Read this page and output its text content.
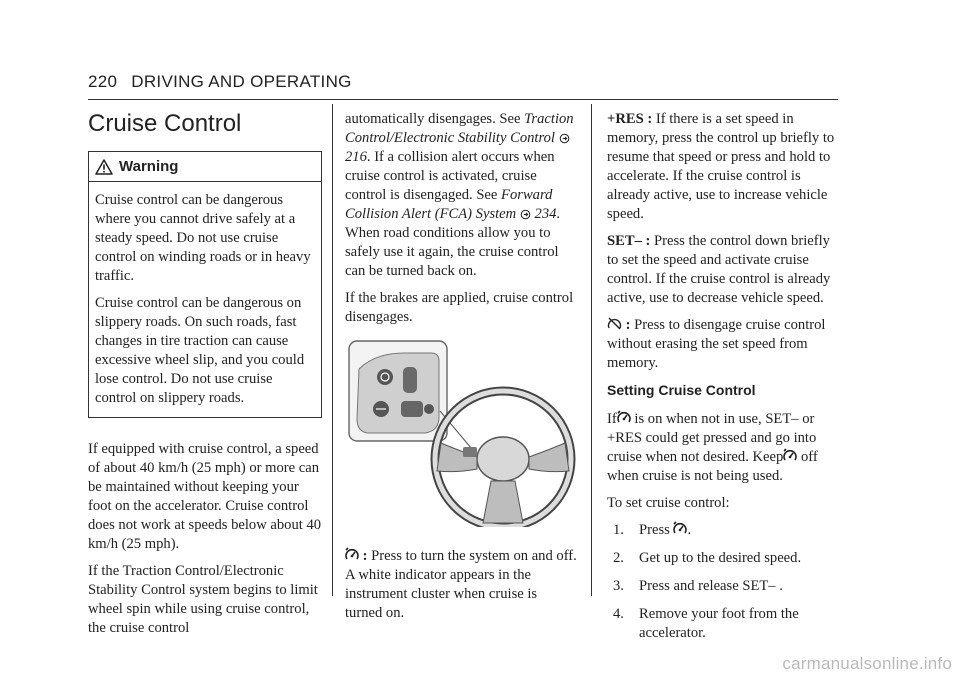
220 DRIVING AND OPERATING
Cruise Control
Warning

Cruise control can be dangerous where you cannot drive safely at a steady speed. Do not use cruise control on winding roads or in heavy traffic.

Cruise control can be dangerous on slippery roads. On such roads, fast changes in tire traction can cause excessive wheel slip, and you could lose control. Do not use cruise control on slippery roads.

If equipped with cruise control, a speed of about 40 km/h (25 mph) or more can be maintained without keeping your foot on the accelerator. Cruise control does not work at speeds below about 40 km/h (25 mph).

If the Traction Control/Electronic Stability Control system begins to limit wheel spin while using cruise control, the cruise control

automatically disengages. See Traction Control/Electronic Stability Control  216. If a collision alert occurs when cruise control is activated, cruise control is disengaged. See Forward Collision Alert (FCA) System 234. When road conditions allow you to safely use it again, the cruise control can be turned back on.

If the brakes are applied, cruise control disengages.

: Press to turn the system on and off. A white indicator appears in the instrument cluster when cruise is turned on.

+RES : If there is a set speed in memory, press the control up briefly to resume that speed or press and hold to accelerate. If the cruise control is already active, use to increase vehicle speed.

SET– : Press the control down briefly to set the speed and activate cruise control. If the cruise control is already active, use to decrease vehicle speed.

: Press to disengage cruise control without erasing the set speed from memory.

Setting Cruise Control

If is on when not in use, SET– or +RES could get pressed and go into cruise when not desired. Keep off when cruise is not being used.

To set cruise control:

1.	Press .
2.	Get up to the desired speed.
3.	Press and release SET– .
4.	Remove your foot from the accelerator.
carmanualsonline.info
